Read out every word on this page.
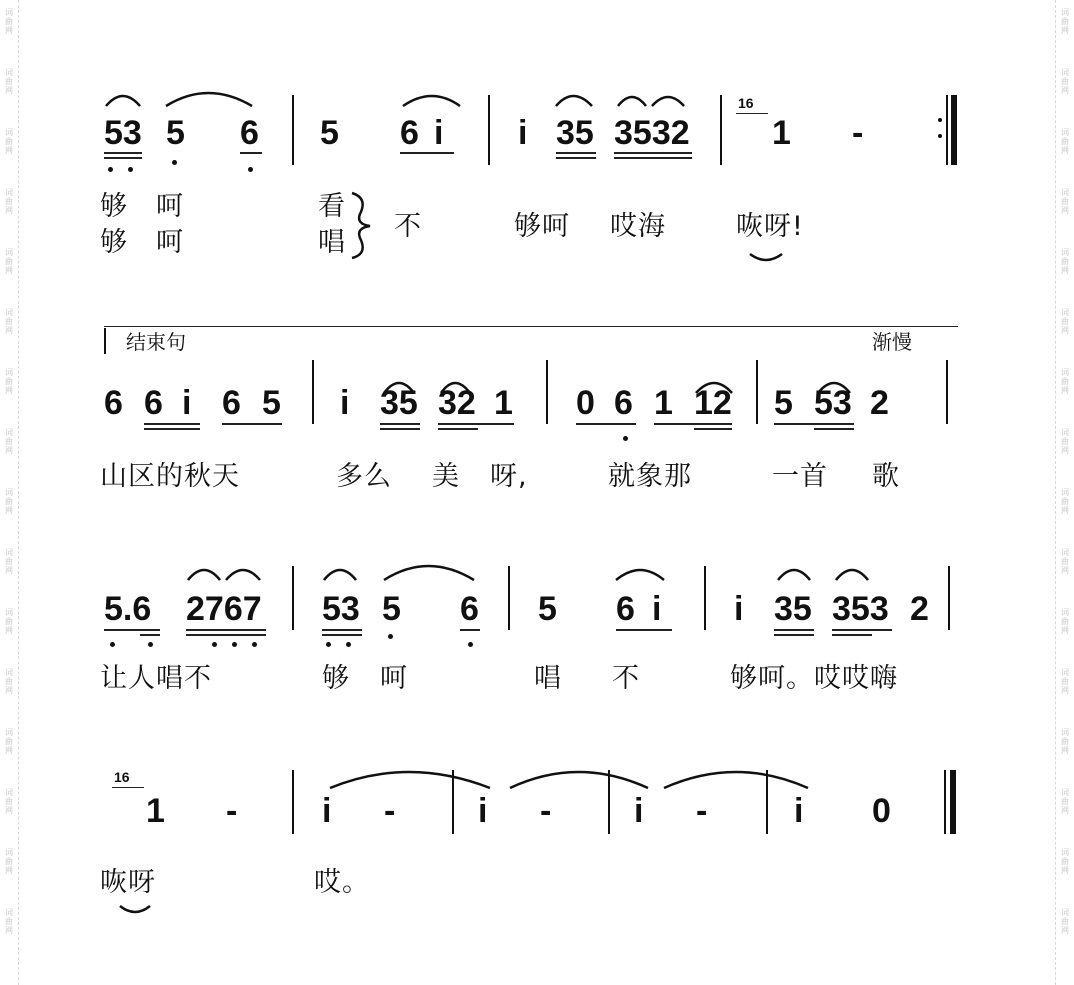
词曲网
词曲网
词曲网
词曲网
词曲网
词曲网
词曲网
词曲网
词曲网
词曲网
词曲网
词曲网
词曲网
词曲网
词曲网
词曲网
词曲网
词曲网
词曲网
词曲网
词曲网
词曲网
词曲网
词曲网
词曲网
词曲网
词曲网
词曲网
词曲网
词曲网
词曲网
词曲网
53 5 6 5 6 i i 35 3532
16
1 -
够 呵	看
够 呵	唱
不	够呵 哎海	咴呀!
结束句	渐慢
6 6 i 6 5 i 35 32 1 0 6 1 12 5 53 2
山区的秋天	多么 美 呀,	就象那	一首 歌
5.6 2767 53 5 6 5 6 i i 35 353 2
让人唱不	够 呵	唱 不	够呵。哎哎嗨
16
1 - i - i - i -	i 0
咴呀	哎。
